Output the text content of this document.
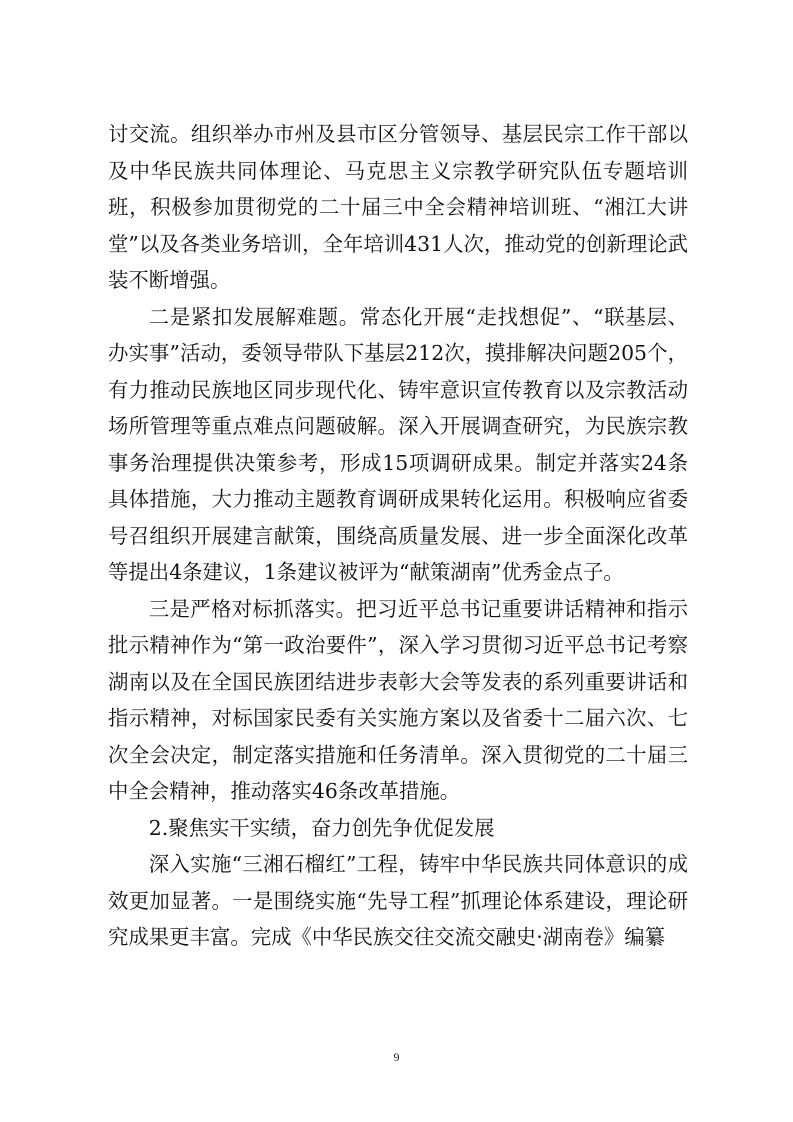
讨交流。组织举办市州及县市区分管领导、基层民宗工作干部以及中华民族共同体理论、马克思主义宗教学研究队伍专题培训班，积极参加贯彻党的二十届三中全会精神培训班、“湘江大讲堂”以及各类业务培训，全年培训431人次，推动党的创新理论武装不断增强。

二是紧扣发展解难题。常态化开展“走找想促”、“联基层、办实事”活动，委领导带队下基层212次，摸排解决问题205个，有力推动民族地区同步现代化、铸牢意识宣传教育以及宗教活动场所管理等重点难点问题破解。深入开展调查研究，为民族宗教事务治理提供决策参考，形成15项调研成果。制定并落实24条具体措施，大力推动主题教育调研成果转化运用。积极响应省委号召组织开展建言献策，围绕高质量发展、进一步全面深化改革等提出4条建议，1条建议被评为“献策湖南”优秀金点子。

三是严格对标抓落实。把习近平总书记重要讲话精神和指示批示精神作为“第一政治要件”，深入学习贯彻习近平总书记考察湖南以及在全国民族团结进步表彰大会等发表的系列重要讲话和指示精神，对标国家民委有关实施方案以及省委十二届六次、七次全会决定，制定落实措施和任务清单。深入贯彻党的二十届三中全会精神，推动落实46条改革措施。

2.聚焦实干实绩，奋力创先争优促发展

深入实施“三湘石榴红”工程，铸牢中华民族共同体意识的成效更加显著。一是围绕实施“先导工程”抓理论体系建设，理论研究成果更丰富。完成《中华民族交往交流交融史·湖南卷》编纂

9
